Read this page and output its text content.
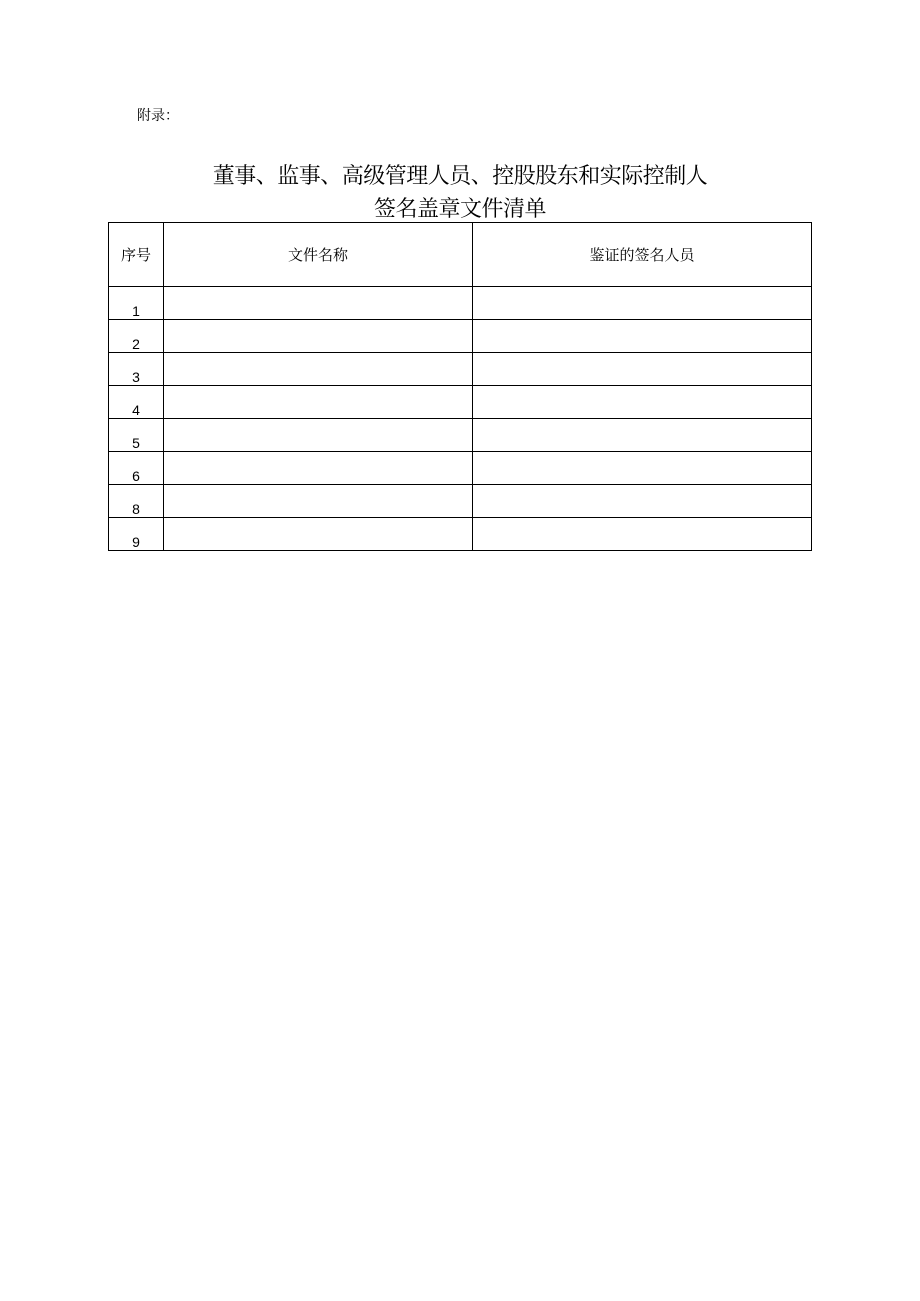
附录：

董事、监事、高级管理人员、控股股东和实际控制人
签名盖章文件清单
序号	文件名称	鉴证的签名人员
1		
2		
3		
4		
5		
6		
8		
9		
